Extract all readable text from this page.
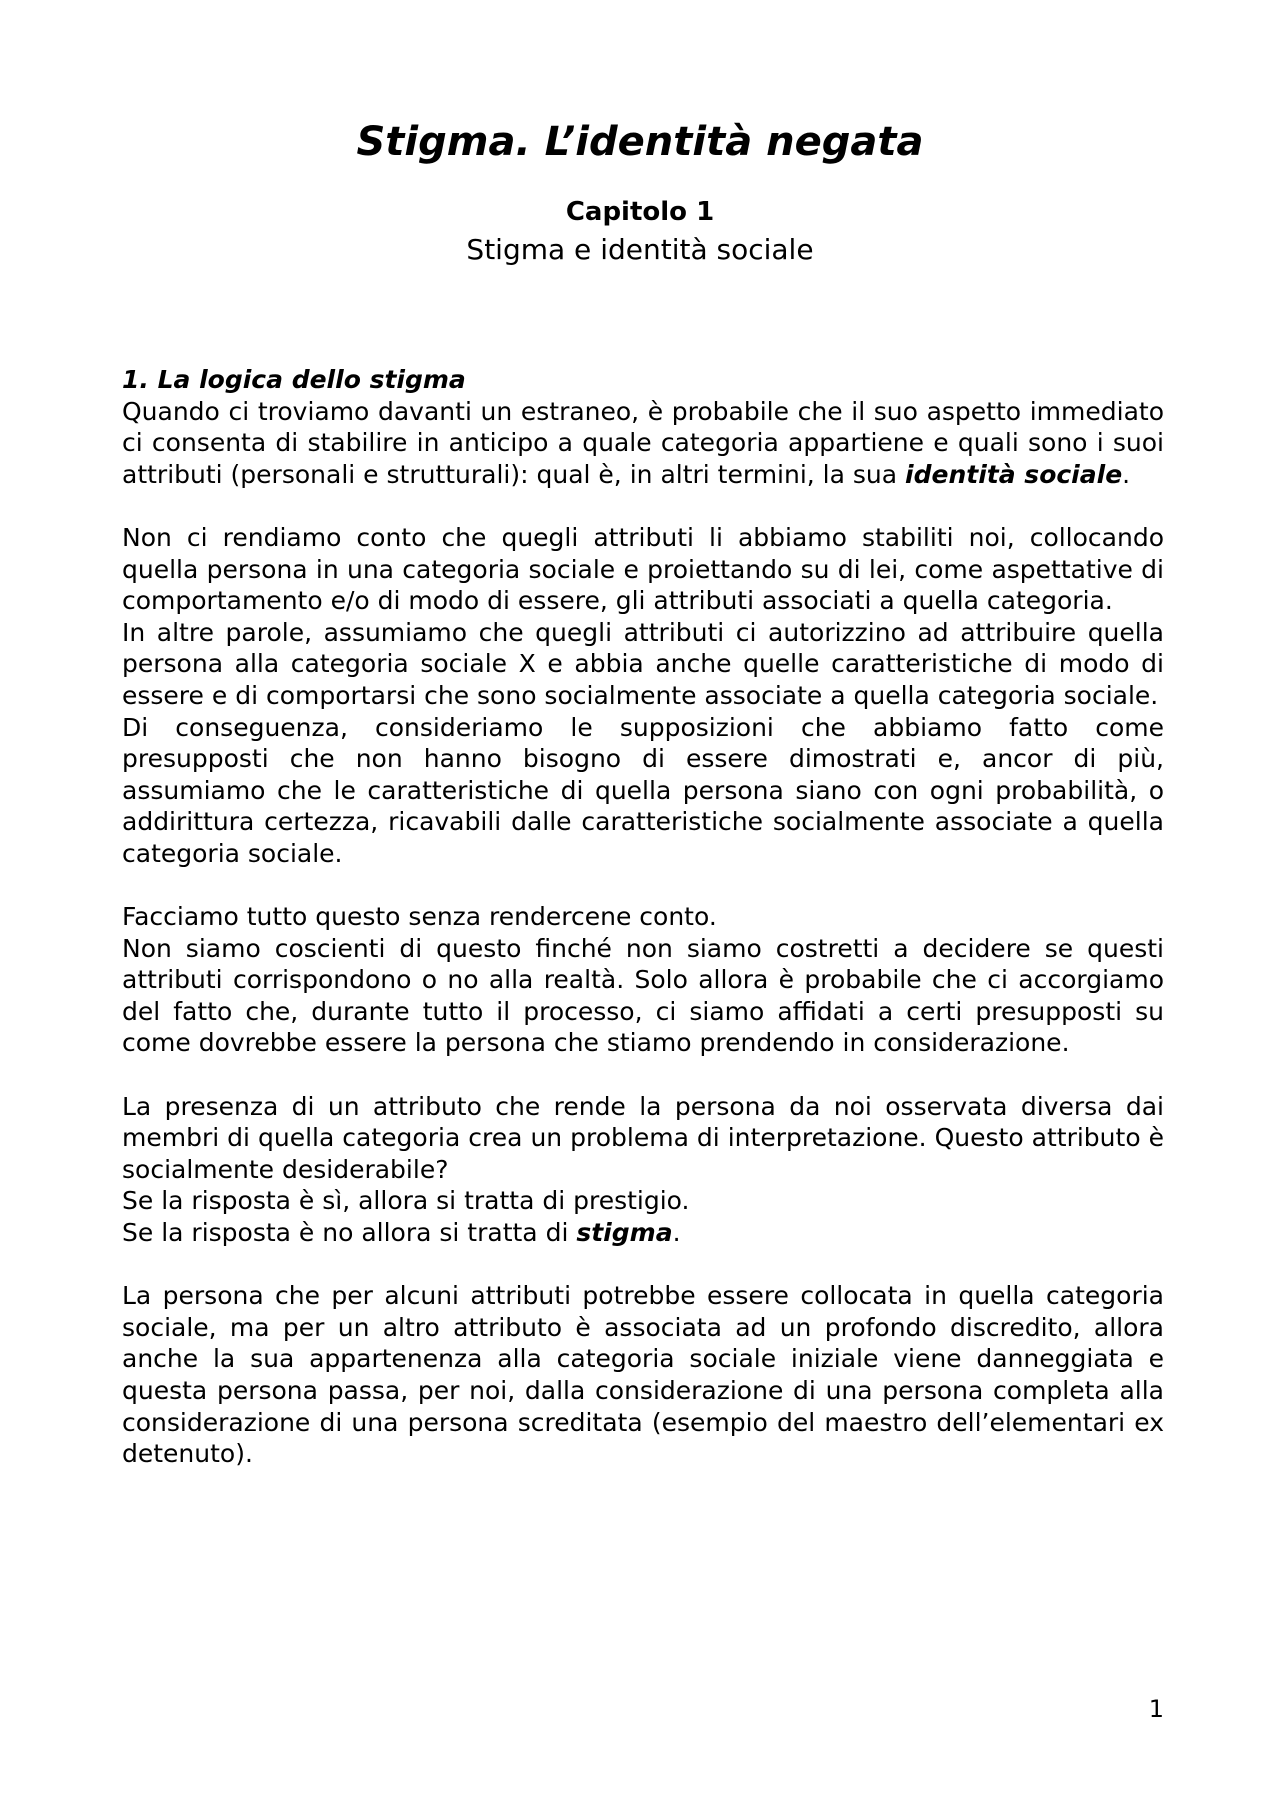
Stigma. L’identità negata
Capitolo 1
Stigma e identità sociale
1. La logica dello stigma

Quando ci troviamo davanti un estraneo, è probabile che il suo aspetto immediato ci consenta di stabilire in anticipo a quale categoria appartiene e quali sono i suoi attributi (personali e strutturali): qual è, in altri termini, la sua identità sociale.

Non ci rendiamo conto che quegli attributi li abbiamo stabiliti noi, collocando quella persona in una categoria sociale e proiettando su di lei, come aspettative di comportamento e/o di modo di essere, gli attributi associati a quella categoria.

In altre parole, assumiamo che quegli attributi ci autorizzino ad attribuire quella persona alla categoria sociale X e abbia anche quelle caratteristiche di modo di essere e di comportarsi che sono socialmente associate a quella categoria sociale.

Di conseguenza, consideriamo le supposizioni che abbiamo fatto come presupposti che non hanno bisogno di essere dimostrati e, ancor di più, assumiamo che le caratteristiche di quella persona siano con ogni probabilità, o addirittura certezza, ricavabili dalle caratteristiche socialmente associate a quella categoria sociale.

Facciamo tutto questo senza rendercene conto.

Non siamo coscienti di questo finché non siamo costretti a decidere se questi attributi corrispondono o no alla realtà. Solo allora è probabile che ci accorgiamo del fatto che, durante tutto il processo, ci siamo affidati a certi presupposti su come dovrebbe essere la persona che stiamo prendendo in considerazione.

La presenza di un attributo che rende la persona da noi osservata diversa dai membri di quella categoria crea un problema di interpretazione. Questo attributo è socialmente desiderabile?

Se la risposta è sì, allora si tratta di prestigio.

Se la risposta è no allora si tratta di stigma.

La persona che per alcuni attributi potrebbe essere collocata in quella categoria sociale, ma per un altro attributo è associata ad un profondo discredito, allora anche la sua appartenenza alla categoria sociale iniziale viene danneggiata e questa persona passa, per noi, dalla considerazione di una persona completa alla considerazione di una persona screditata (esempio del maestro dell’elementari ex detenuto).

1
